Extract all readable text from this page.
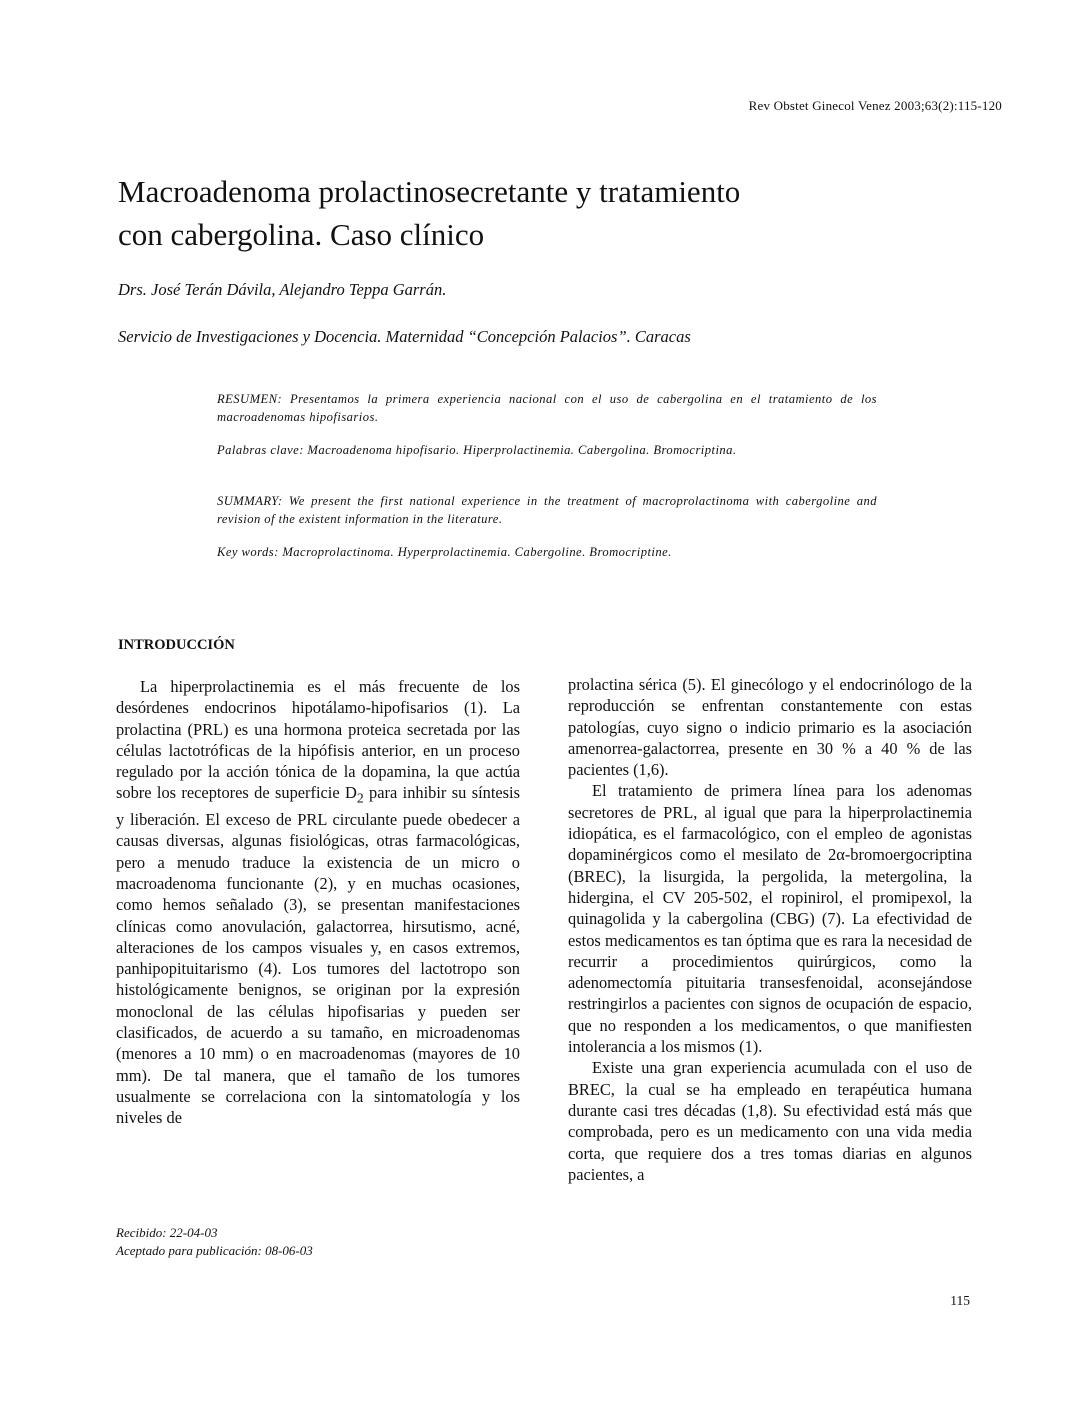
Rev Obstet Ginecol Venez 2003;63(2):115-120
Macroadenoma prolactinosecretante y tratamiento
con cabergolina. Caso clínico
Drs. José Terán Dávila, Alejandro Teppa Garrán.
Servicio de Investigaciones y Docencia. Maternidad “Concepción Palacios”. Caracas
RESUMEN: Presentamos la primera experiencia nacional con el uso de cabergolina en el tratamiento de los macroadenomas hipofisarios.
Palabras clave: Macroadenoma hipofisario. Hiperprolactinemia. Cabergolina. Bromocriptina.
SUMMARY: We present the first national experience in the treatment of macroprolactinoma with cabergoline and revision of the existent information in the literature.
Key words: Macroprolactinoma. Hyperprolactinemia. Cabergoline. Bromocriptine.
INTRODUCCIÓN

La hiperprolactinemia es el más frecuente de los desórdenes endocrinos hipotálamo-hipofisarios (1). La prolactina (PRL) es una hormona proteica secretada por las células lactotróficas de la hipófisis anterior, en un proceso regulado por la acción tónica de la dopamina, la que actúa sobre los receptores de superficie $D_2$ para inhibir su síntesis y liberación. El exceso de PRL circulante puede obedecer a causas diversas, algunas fisiológicas, otras farmacológicas, pero a menudo traduce la existencia de un micro o macroadenoma funcionante (2), y en muchas ocasiones, como hemos señalado (3), se presentan manifestaciones clínicas como anovulación, galactorrea, hirsutismo, acné, alteraciones de los campos visuales y, en casos extremos, panhipopituitarismo (4). Los tumores del lactotropo son histológicamente benignos, se originan por la expresión monoclonal de las células hipofisarias y pueden ser clasificados, de acuerdo a su tamaño, en microadenomas (menores a 10 mm) o en macroadenomas (mayores de 10 mm). De tal manera, que el tamaño de los tumores usualmente se correlaciona con la sintomatología y los niveles de

prolactina sérica (5). El ginecólogo y el endocrinólogo de la reproducción se enfrentan constantemente con estas patologías, cuyo signo o indicio primario es la asociación amenorrea-galactorrea, presente en 30 % a 40 % de las pacientes (1,6).

El tratamiento de primera línea para los adenomas secretores de PRL, al igual que para la hiperprolactinemia idiopática, es el farmacológico, con el empleo de agonistas dopaminérgicos como el mesilato de 2α-bromoergocriptina (BREC), la lisurgida, la pergolida, la metergolina, la hidergina, el CV 205-502, el ropinirol, el promipexol, la quinagolida y la cabergolina (CBG) (7). La efectividad de estos medicamentos es tan óptima que es rara la necesidad de recurrir a procedimientos quirúrgicos, como la adenomectomía pituitaria transesfenoidal, aconsejándose restringirlos a pacientes con signos de ocupación de espacio, que no responden a los medicamentos, o que manifiesten intolerancia a los mismos (1).

Existe una gran experiencia acumulada con el uso de BREC, la cual se ha empleado en terapéutica humana durante casi tres décadas (1,8). Su efectividad está más que comprobada, pero es un medicamento con una vida media corta, que requiere dos a tres tomas diarias en algunos pacientes, a

Recibido: 22-04-03
Aceptado para publicación: 08-06-03
115
